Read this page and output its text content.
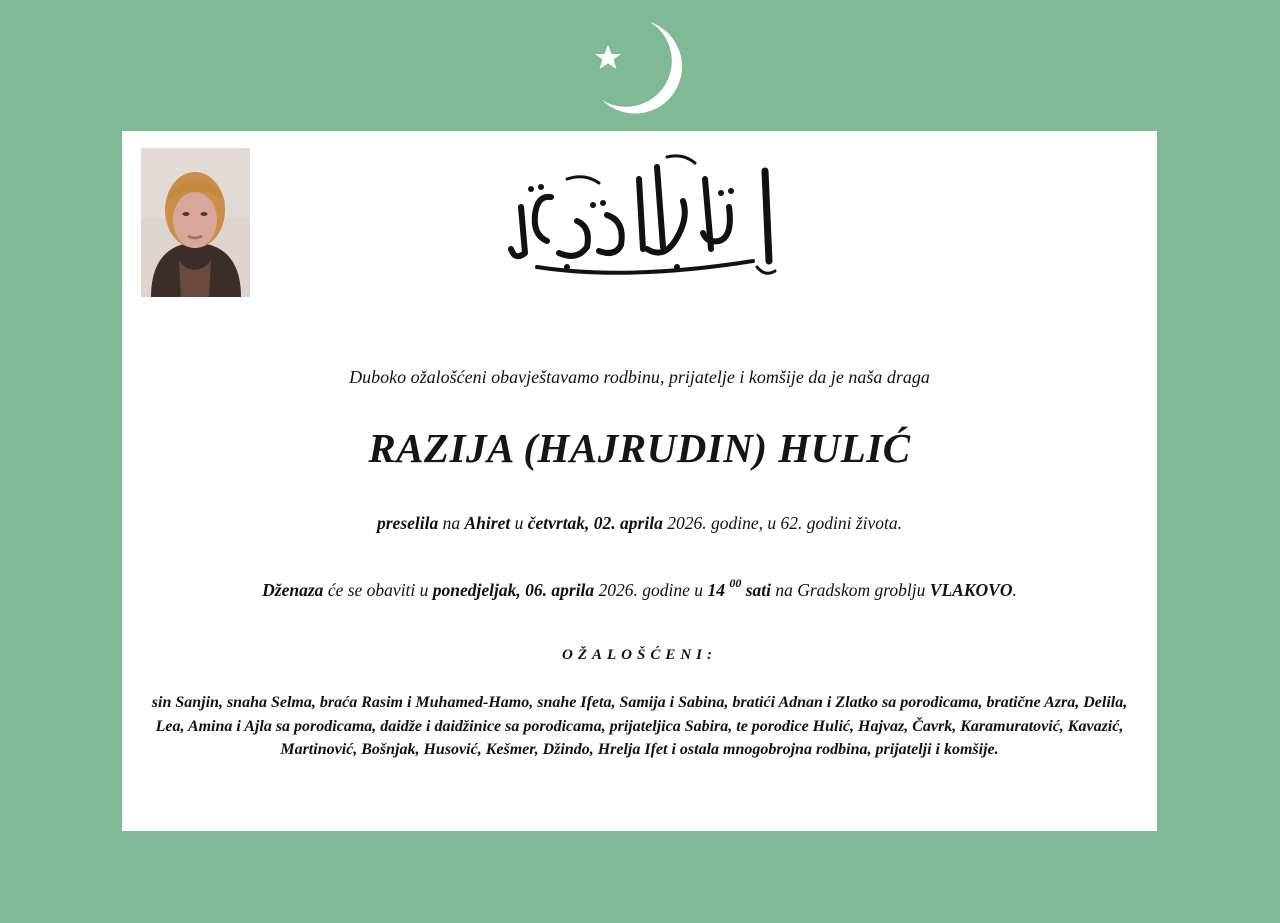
Duboko ožalošćeni obavještavamo rodbinu, prijatelje i komšije da je naša draga
RAZIJA (HAJRUDIN) HULIĆ
preselila na Ahiret u četvrtak, 02. aprila 2026. godine, u 62. godini života.
Dženaza će se obaviti u ponedjeljak, 06. aprila 2026. godine u 14 $^{00}$ sati na Gradskom groblju VLAKOVO.
OŽALOŠĆENI:
sin Sanjin, snaha Selma, braća Rasim i Muhamed-Hamo, snahe Ifeta, Samija i Sabina, bratići Adnan i Zlatko sa porodicama, bratične Azra, Delila, Lea, Amina i Ajla sa porodicama, daidže i daidžinice sa porodicama, prijateljica Sabira, te porodice Hulić, Hajvaz, Čavrk, Karamuratović, Kavazić, Martinović, Bošnjak, Husović, Kešmer, Džindo, Hrelja Ifet i ostala mnogobrojna rodbina, prijatelji i komšije.
